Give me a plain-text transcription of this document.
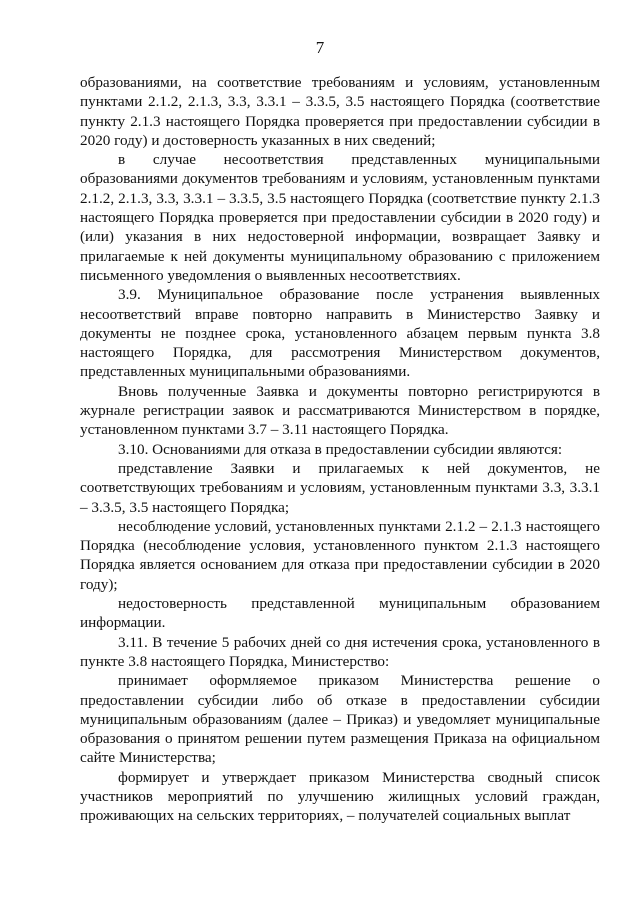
7

образованиями, на соответствие требованиям и условиям, установленным пунктами 2.1.2, 2.1.3, 3.3, 3.3.1 – 3.3.5, 3.5 настоящего Порядка (соответствие пункту 2.1.3 настоящего Порядка проверяется при предоставлении субсидии в 2020 году) и достоверность указанных в них сведений;

в случае несоответствия представленных муниципальными образованиями документов требованиям и условиям, установленным пунктами 2.1.2, 2.1.3, 3.3, 3.3.1 – 3.3.5, 3.5 настоящего Порядка (соответствие пункту 2.1.3 настоящего Порядка проверяется при предоставлении субсидии в 2020 году) и (или) указания в них недостоверной информации, возвращает Заявку и прилагаемые к ней документы муниципальному образованию с приложением письменного уведомления о выявленных несоответствиях.

3.9. Муниципальное образование после устранения выявленных несоответствий вправе повторно направить в Министерство Заявку и документы не позднее срока, установленного абзацем первым пункта 3.8 настоящего Порядка, для рассмотрения Министерством документов, представленных муниципальными образованиями.

Вновь полученные Заявка и документы повторно регистрируются в журнале регистрации заявок и рассматриваются Министерством в порядке, установленном пунктами 3.7 – 3.11 настоящего Порядка.

3.10. Основаниями для отказа в предоставлении субсидии являются:

представление Заявки и прилагаемых к ней документов, не соответствующих требованиям и условиям, установленным пунктами 3.3, 3.3.1 – 3.3.5, 3.5 настоящего Порядка;

несоблюдение условий, установленных пунктами 2.1.2 – 2.1.3 настоящего Порядка (несоблюдение условия, установленного пунктом 2.1.3 настоящего Порядка является основанием для отказа при предоставлении субсидии в 2020 году);

недостоверность представленной муниципальным образованием информации.

3.11. В течение 5 рабочих дней со дня истечения срока, установленного в пункте 3.8 настоящего Порядка, Министерство:

принимает оформляемое приказом Министерства решение о предоставлении субсидии либо об отказе в предоставлении субсидии муниципальным образованиям (далее – Приказ) и уведомляет муниципальные образования о принятом решении путем размещения Приказа на официальном сайте Министерства;

формирует и утверждает приказом Министерства сводный список участников мероприятий по улучшению жилищных условий граждан, проживающих на сельских территориях, – получателей социальных выплат
